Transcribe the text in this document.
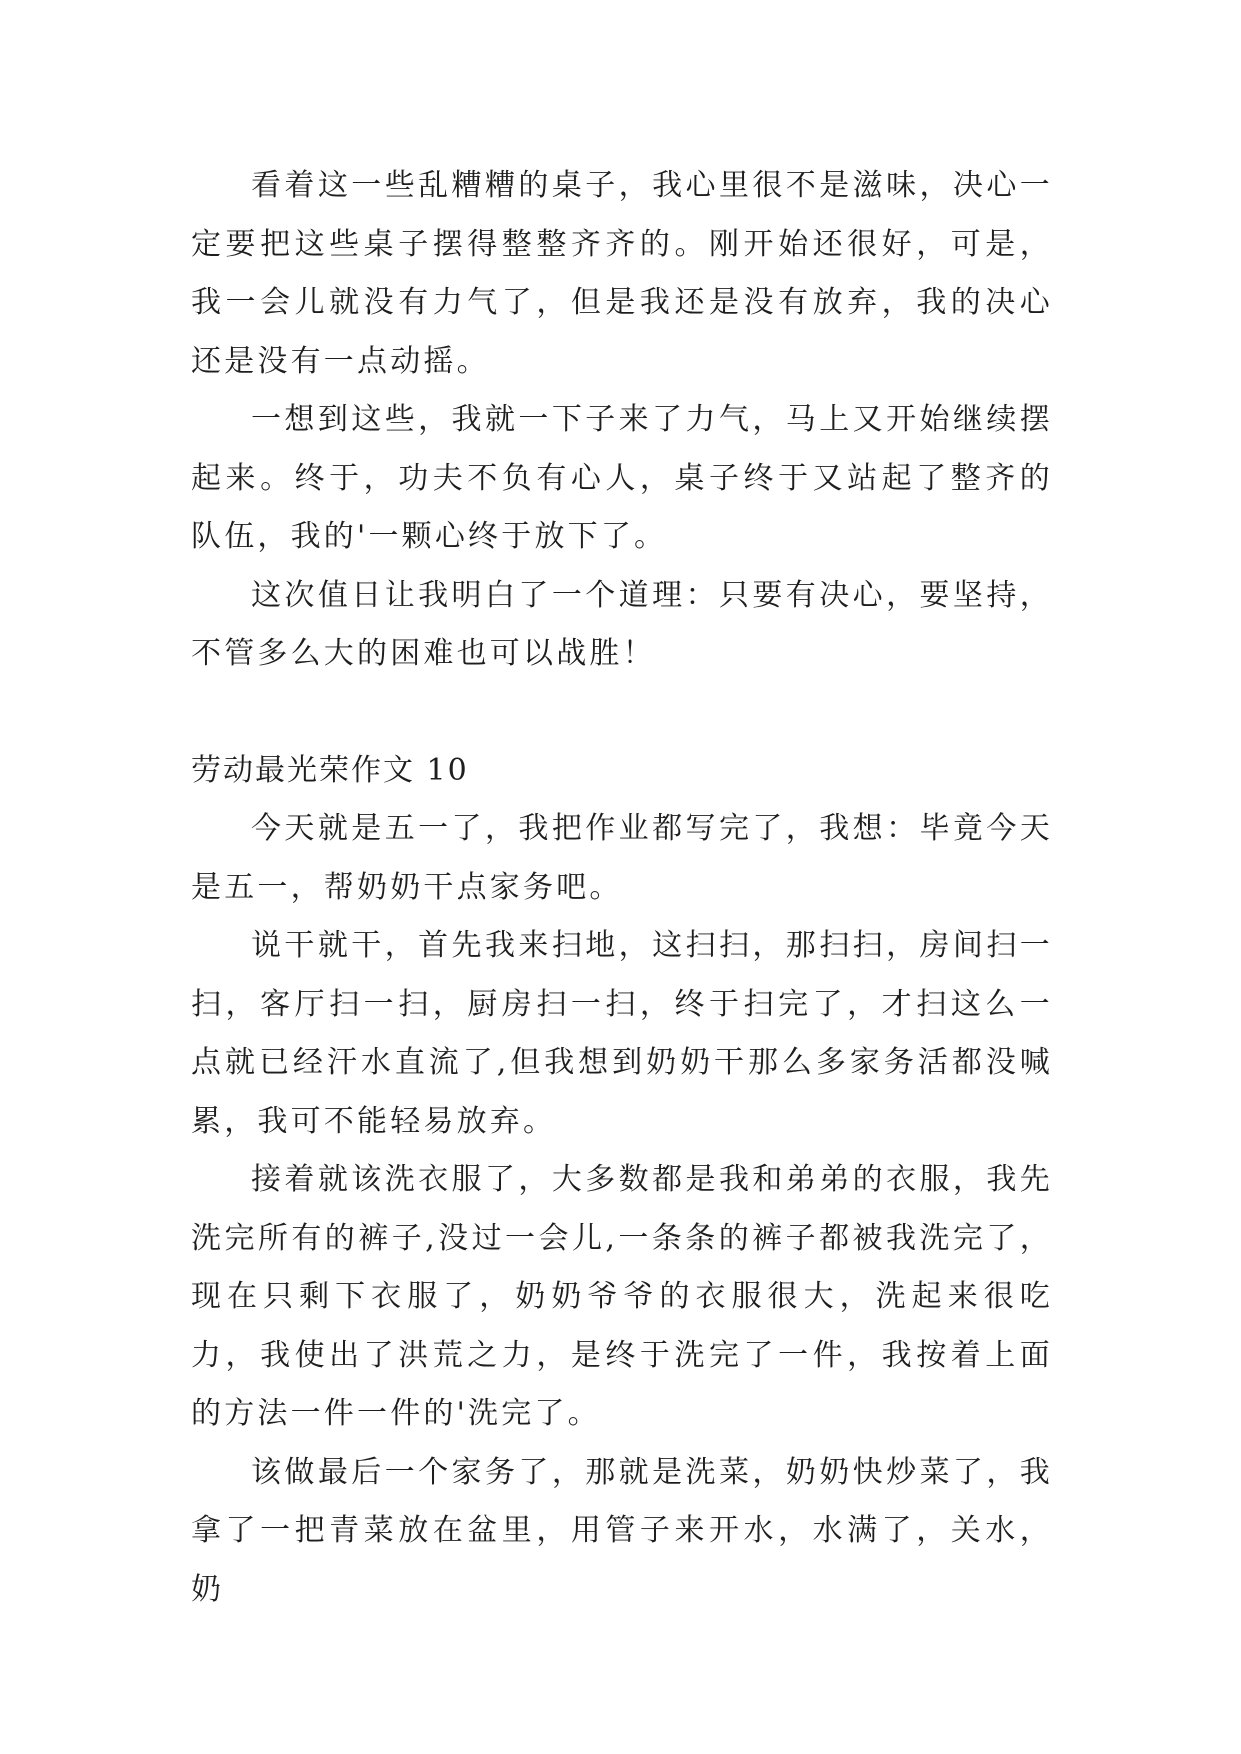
看着这一些乱糟糟的桌子，我心里很不是滋味，决心一定要把这些桌子摆得整整齐齐的。刚开始还很好，可是，我一会儿就没有力气了，但是我还是没有放弃，我的决心还是没有一点动摇。

一想到这些，我就一下子来了力气，马上又开始继续摆起来。终于，功夫不负有心人，桌子终于又站起了整齐的队伍，我的'一颗心终于放下了。

这次值日让我明白了一个道理：只要有决心，要坚持，不管多么大的困难也可以战胜！

劳动最光荣作文 10

今天就是五一了，我把作业都写完了，我想：毕竟今天是五一，帮奶奶干点家务吧。

说干就干，首先我来扫地，这扫扫，那扫扫，房间扫一扫，客厅扫一扫，厨房扫一扫，终于扫完了，才扫这么一点就已经汗水直流了,但我想到奶奶干那么多家务活都没喊累，我可不能轻易放弃。

接着就该洗衣服了，大多数都是我和弟弟的衣服，我先洗完所有的裤子,没过一会儿,一条条的裤子都被我洗完了，现在只剩下衣服了，奶奶爷爷的衣服很大，洗起来很吃力，我使出了洪荒之力，是终于洗完了一件，我按着上面的方法一件一件的'洗完了。

该做最后一个家务了，那就是洗菜，奶奶快炒菜了，我拿了一把青菜放在盆里，用管子来开水，水满了，关水，奶
